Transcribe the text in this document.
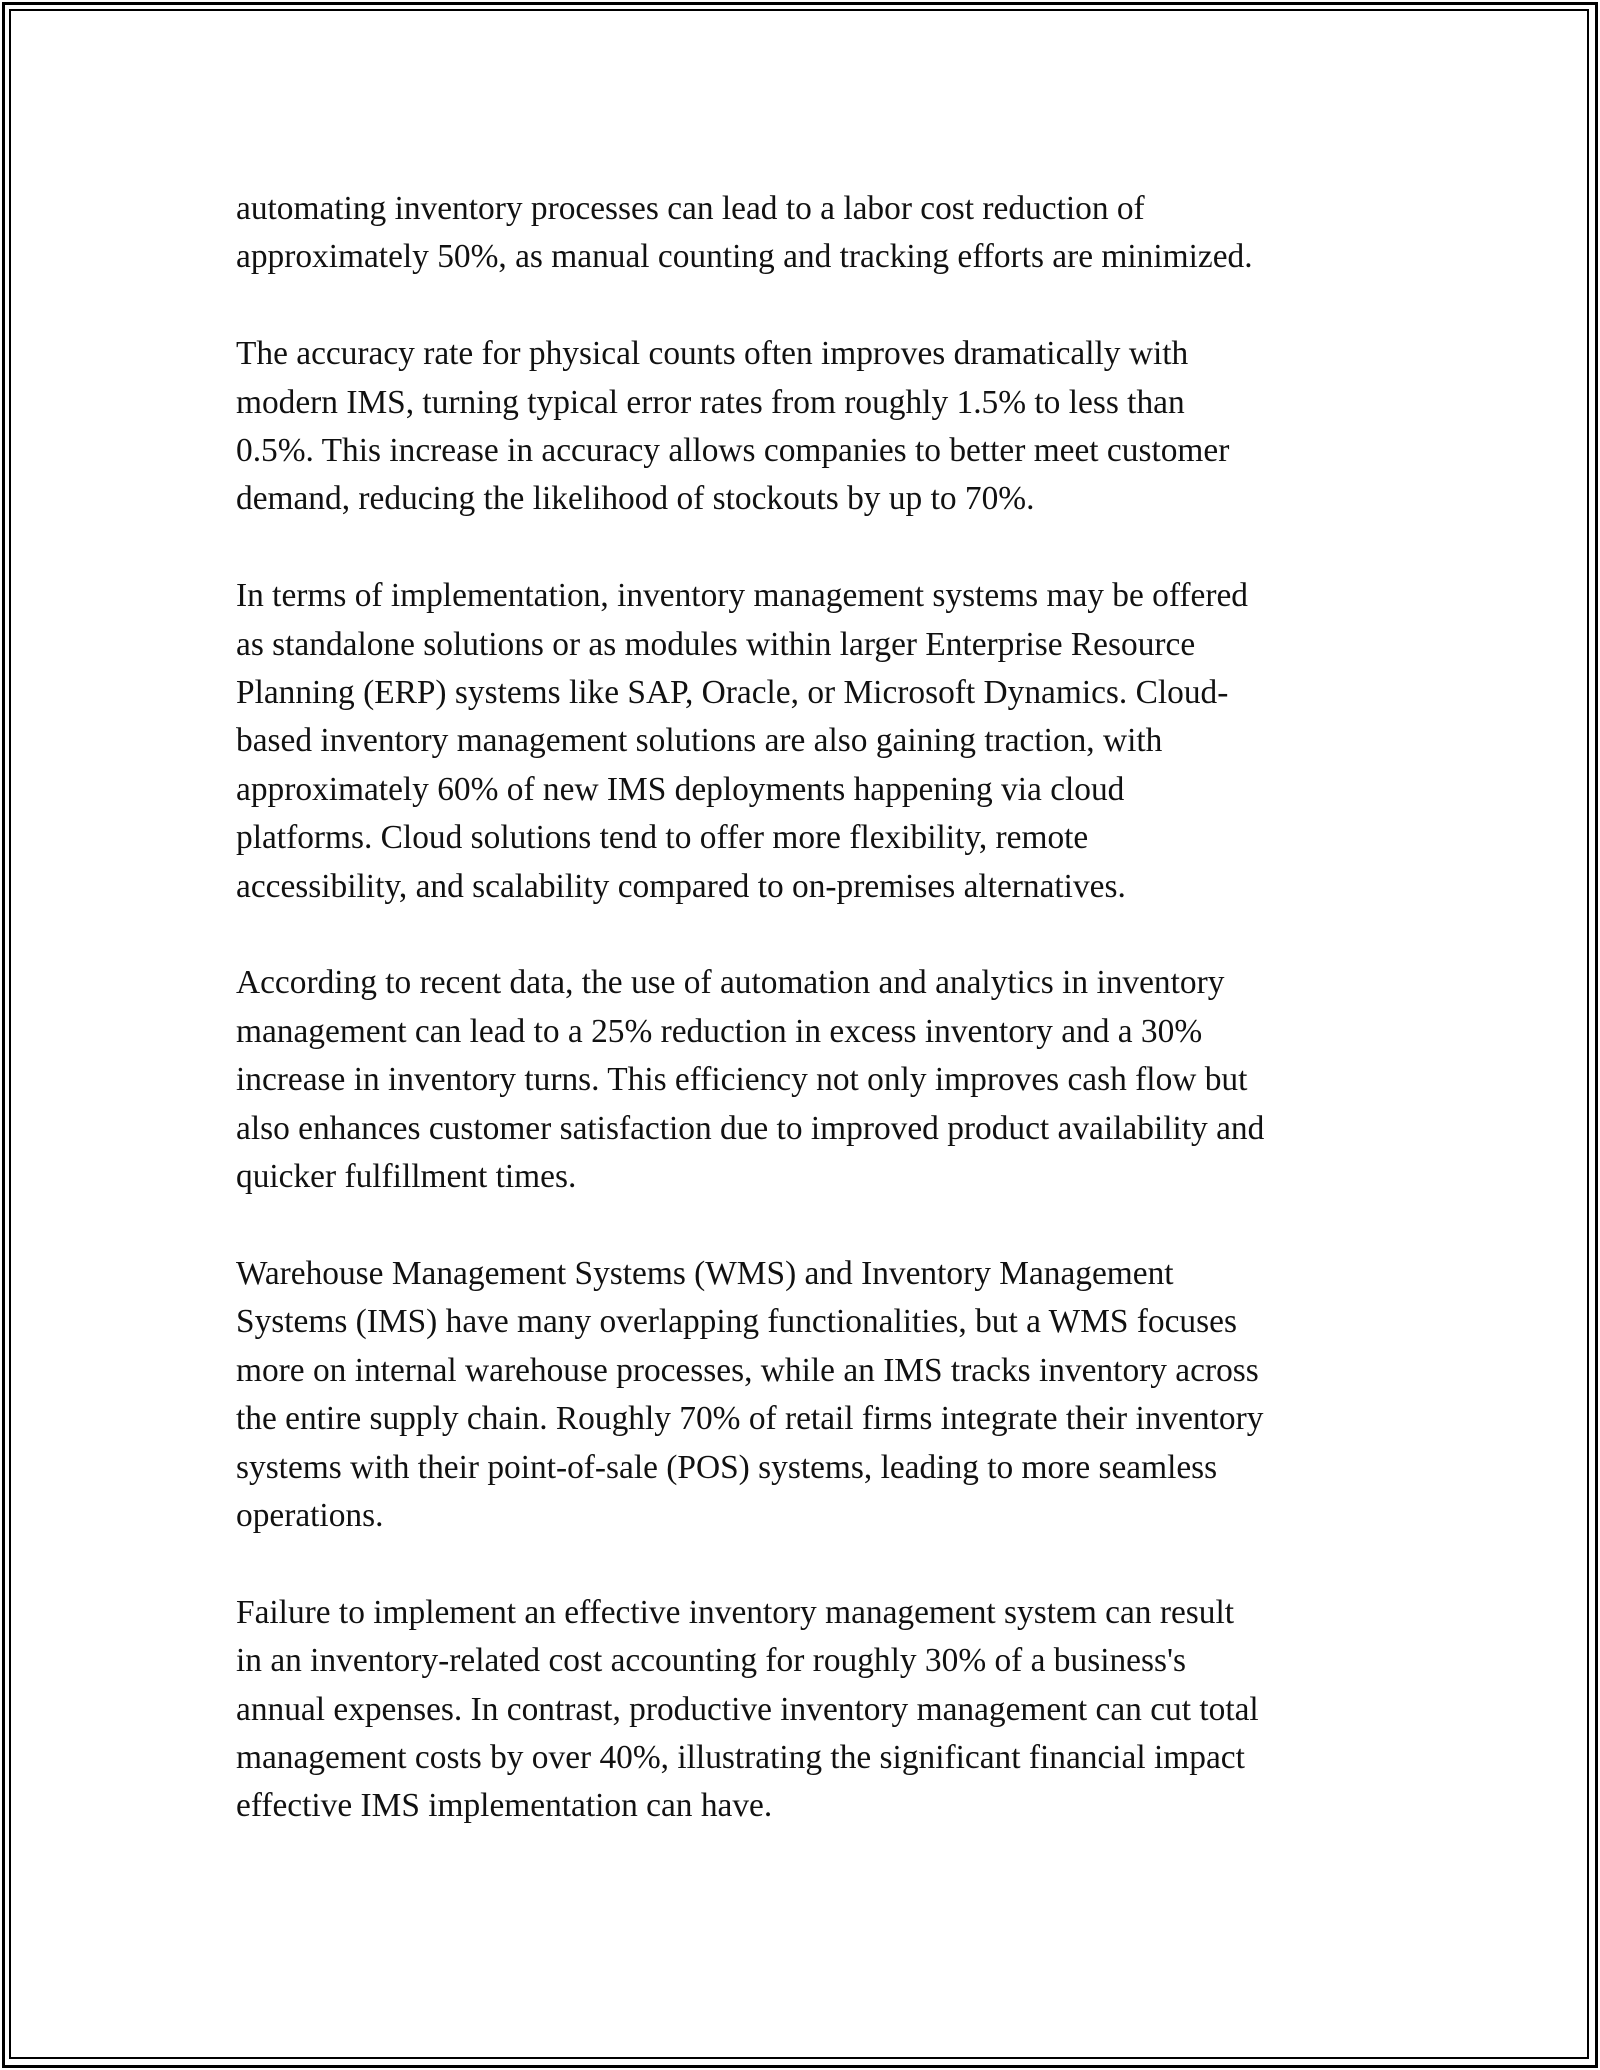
automating inventory processes can lead to a labor cost reduction of
approximately 50%, as manual counting and tracking efforts are minimized.

The accuracy rate for physical counts often improves dramatically with
modern IMS, turning typical error rates from roughly 1.5% to less than
0.5%. This increase in accuracy allows companies to better meet customer
demand, reducing the likelihood of stockouts by up to 70%.

In terms of implementation, inventory management systems may be offered
as standalone solutions or as modules within larger Enterprise Resource
Planning (ERP) systems like SAP, Oracle, or Microsoft Dynamics. Cloud-
based inventory management solutions are also gaining traction, with
approximately 60% of new IMS deployments happening via cloud
platforms. Cloud solutions tend to offer more flexibility, remote
accessibility, and scalability compared to on-premises alternatives.

According to recent data, the use of automation and analytics in inventory
management can lead to a 25% reduction in excess inventory and a 30%
increase in inventory turns. This efficiency not only improves cash flow but
also enhances customer satisfaction due to improved product availability and
quicker fulfillment times.

Warehouse Management Systems (WMS) and Inventory Management
Systems (IMS) have many overlapping functionalities, but a WMS focuses
more on internal warehouse processes, while an IMS tracks inventory across
the entire supply chain. Roughly 70% of retail firms integrate their inventory
systems with their point-of-sale (POS) systems, leading to more seamless
operations.

Failure to implement an effective inventory management system can result
in an inventory-related cost accounting for roughly 30% of a business's
annual expenses. In contrast, productive inventory management can cut total
management costs by over 40%, illustrating the significant financial impact
effective IMS implementation can have.
